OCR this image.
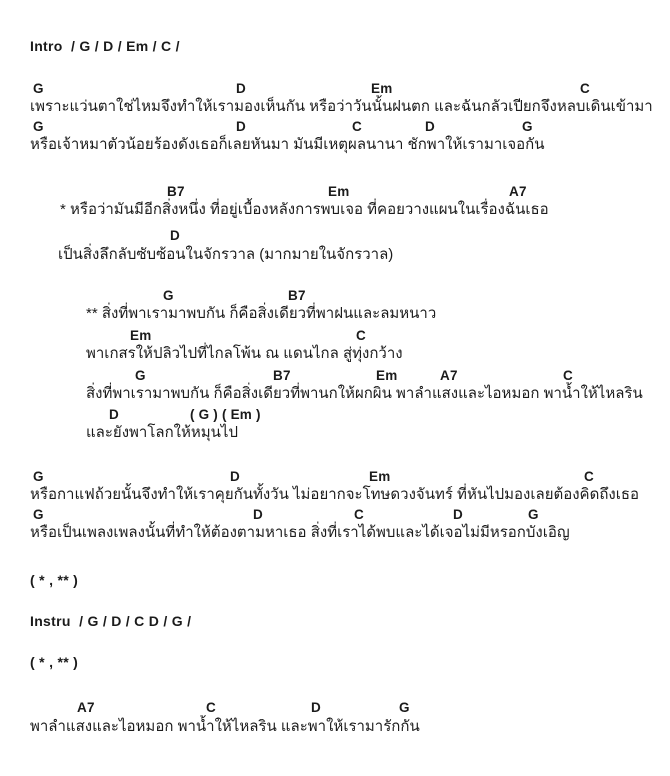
Intro  / G / D / Em / C /
G	D	Em	C
เพราะแว่นตาใช่ไหมจึงทำให้เรามองเห็นกัน หรือว่าวันนั้นฝนตก และฉันกลัวเปียกจึงหลบเดินเข้ามา
G	D	C	D	G
หรือเจ้าหมาตัวน้อยร้องดังเธอก็เลยหันมา มันมีเหตุผลนานา ชักพาให้เรามาเจอกัน
B7	Em	A7
* หรือว่ามันมีอีกสิ่งหนึ่ง ที่อยู่เบื้องหลังการพบเจอ ที่คอยวางแผนในเรื่องฉันเธอ
D
เป็นสิ่งลึกลับซับซ้อนในจักรวาล (มากมายในจักรวาล)
G	B7
** สิ่งที่พาเรามาพบกัน ก็คือสิ่งเดียวที่พาฝนและลมหนาว
Em	C
พาเกสรให้ปลิวไปที่ไกลโพ้น ณ แดนไกล สู่ทุ่งกว้าง
G	B7	Em	A7	C
สิ่งที่พาเรามาพบกัน ก็คือสิ่งเดียวที่พานกให้ผกผิน พาลำแสงและไอหมอก พาน้ำให้ไหลริน
D	( G ) ( Em )
และยังพาโลกให้หมุนไป
G	D	Em	C
หรือกาแฟถ้วยนั้นจึงทำให้เราคุยกันทั้งวัน ไม่อยากจะโทษดวงจันทร์ ที่หันไปมองเลยต้องคิดถึงเธอ
G	D	C	D	G
หรือเป็นเพลงเพลงนั้นที่ทำให้ต้องตามหาเธอ สิ่งที่เราได้พบและได้เจอไม่มีหรอกบังเอิญ
( * , ** )
Instru  / G / D / C D / G /
( * , ** )
A7	C	D	G
พาลำแสงและไอหมอก พาน้ำให้ไหลริน และพาให้เรามารักกัน
